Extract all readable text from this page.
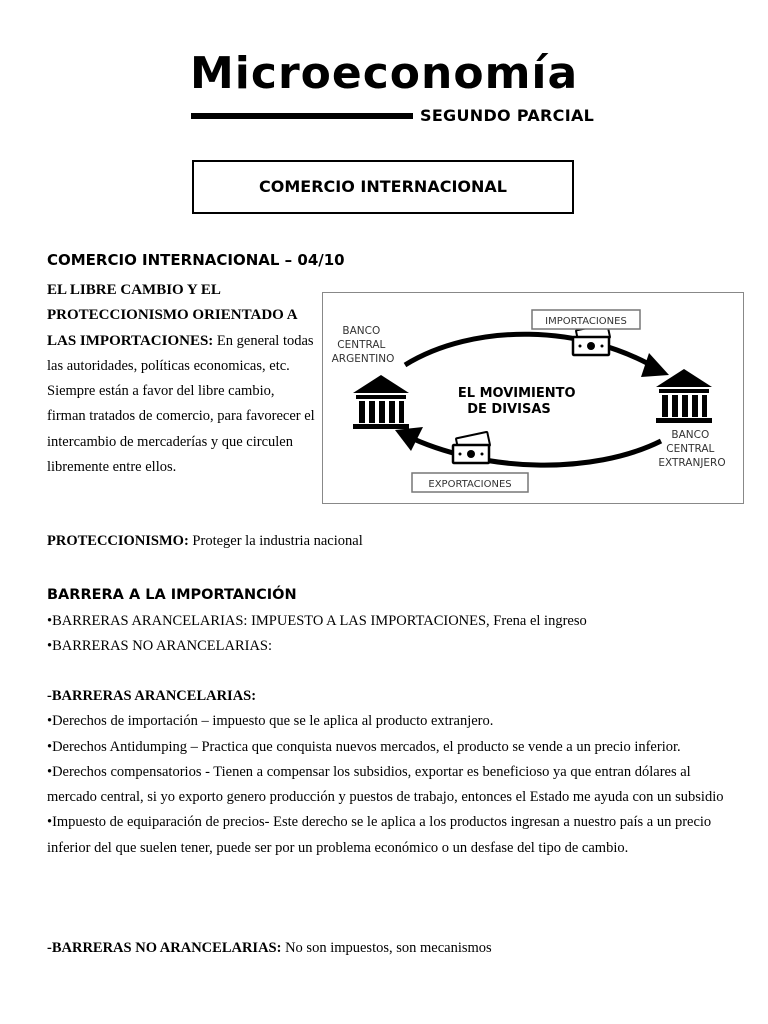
Microeconomía
SEGUNDO PARCIAL
COMERCIO INTERNACIONAL
COMERCIO INTERNACIONAL – 04/10
EL LIBRE CAMBIO Y EL PROTECCIONISMO ORIENTADO A LAS IMPORTACIONES: En general todas las autoridades, políticas economicas, etc. Siempre están a favor del libre cambio, firman tratados de comercio, para favorecer el intercambio de mercaderías y que circulen libremente entre ellos.
IMPORTACIONES
EXPORTACIONES
BANCO CENTRAL ARGENTINO
BANCO CENTRAL EXTRANJERO
EL MOVIMIENTO DE DIVISAS
PROTECCIONISMO: Proteger la industria nacional
BARRERA A LA IMPORTANCIÓN
•BARRERAS ARANCELARIAS: IMPUESTO A LAS IMPORTACIONES, Frena el ingreso
•BARRERAS NO ARANCELARIAS:
-BARRERAS ARANCELARIAS:
•Derechos de importación – impuesto que se le aplica al producto extranjero.
•Derechos Antidumping – Practica que conquista nuevos mercados, el producto se vende a un precio inferior.
•Derechos compensatorios - Tienen a compensar los subsidios, exportar es beneficioso ya que entran dólares al mercado central, si yo exporto genero producción y puestos de trabajo, entonces el Estado me ayuda con un subsidio
•Impuesto de equiparación de precios- Este derecho se le aplica a los productos ingresan a nuestro país a un precio inferior del que suelen tener, puede ser por un problema económico o un desfase del tipo de cambio.
-BARRERAS NO ARANCELARIAS: No son impuestos, son mecanismos
